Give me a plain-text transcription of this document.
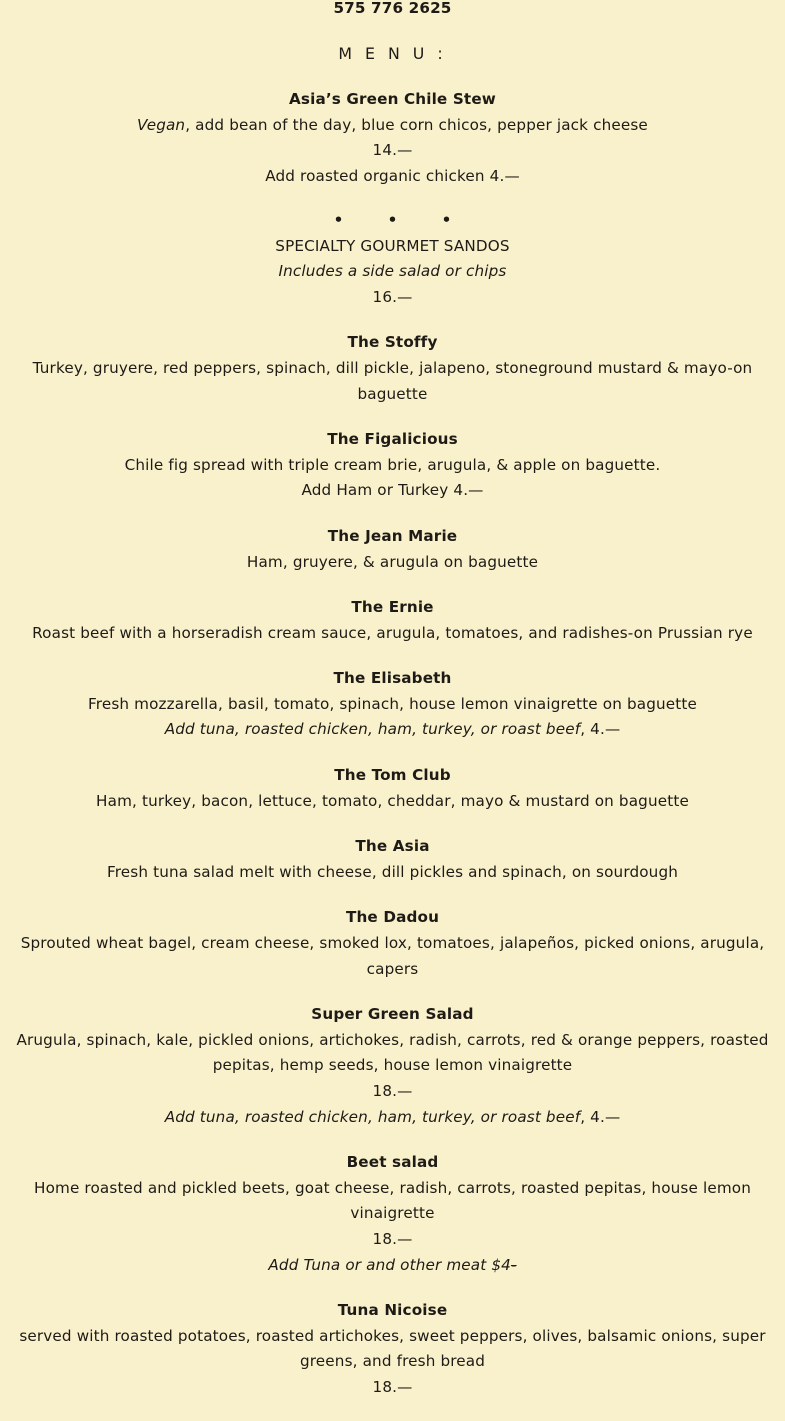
575 776 2625
M E N U :
Asia’s Green Chile Stew
Vegan, add bean of the day, blue corn chicos, pepper jack cheese
14.—
Add roasted organic chicken 4.—
•	•	•
SPECIALTY GOURMET SANDOS
Includes a side salad or chips
16.—
The Stoffy
Turkey, gruyere, red peppers, spinach, dill pickle, jalapeno, stoneground mustard & mayo-on
baguette
The Figalicious
Chile fig spread with triple cream brie, arugula, & apple on baguette.
Add Ham or Turkey 4.—
The Jean Marie
Ham, gruyere, & arugula on baguette
The Ernie
Roast beef with a horseradish cream sauce, arugula, tomatoes, and radishes-on Prussian rye
The Elisabeth
Fresh mozzarella, basil, tomato, spinach, house lemon vinaigrette on baguette
Add tuna, roasted chicken, ham, turkey, or roast beef, 4.—
The Tom Club
Ham, turkey, bacon, lettuce, tomato, cheddar, mayo & mustard on baguette
The Asia
Fresh tuna salad melt with cheese, dill pickles and spinach, on sourdough
The Dadou
Sprouted wheat bagel, cream cheese, smoked lox, tomatoes, jalapeños, picked onions, arugula,
capers
Super Green Salad
Arugula, spinach, kale, pickled onions, artichokes, radish, carrots, red & orange peppers, roasted
pepitas, hemp seeds, house lemon vinaigrette
18.—
Add tuna, roasted chicken, ham, turkey, or roast beef, 4.—
Beet salad
Home roasted and pickled beets, goat cheese, radish, carrots, roasted pepitas, house lemon
vinaigrette
18.—
Add Tuna or and other meat $4-
Tuna Nicoise
served with roasted potatoes, roasted artichokes, sweet peppers, olives, balsamic onions, super
greens, and fresh bread
18.—
